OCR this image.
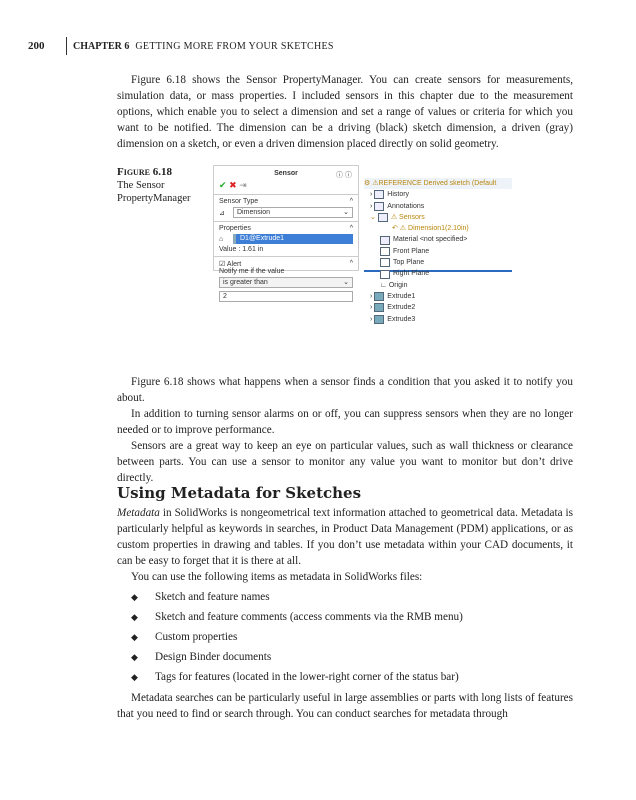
200	CHAPTER 6 GETTING MORE FROM YOUR SKETCHES

Figure 6.18 shows the Sensor PropertyManager. You can create sensors for measurements, simulation data, or mass properties. I included sensors in this chapter due to the measurement options, which enable you to select a dimension and set a range of values or criteria for which you want to be notified. The dimension can be a driving (black) sketch dimension, a driven (gray) dimension on a sketch, or even a driven dimension placed directly on solid geometry.

Figure 6.18
The Sensor PropertyManager
Sensor	ⓘ ⓘ
✔ ✖ ⇥
Sensor Type	^
⊿	Dimension	⌄
Properties	^
⌂	D1@Extrude1
Value : 1.61 in
☑ Alert	^
Notify me if the value
is greater than	⌄
2
⚙ ⚠ REFERENCE Derived sketch (Default
› History
› Annotations
⌄
⚠ Sensors
↶ ⚠ Dimension1(2.10in)
Material <not specified>
Front Plane
Top Plane
Right Plane
∟ Origin
› Extrude1
› Extrude2
› Extrude3

Figure 6.18 shows what happens when a sensor finds a condition that you asked it to notify you about.

In addition to turning sensor alarms on or off, you can suppress sensors when they are no longer needed or to improve performance.

Sensors are a great way to keep an eye on particular values, such as wall thickness or clearance between parts. You can use a sensor to monitor any value you want to monitor but don’t drive directly.

Using Metadata for Sketches

Metadata in SolidWorks is nongeometrical text information attached to geometrical data. Metadata is particularly helpful as keywords in searches, in Product Data Management (PDM) applications, or as custom properties in drawing and tables. If you don’t use metadata within your CAD documents, it can be easy to forget that it is there at all.

You can use the following items as metadata in SolidWorks files:

◆ Sketch and feature names
◆ Sketch and feature comments (access comments via the RMB menu)
◆ Custom properties
◆ Design Binder documents
◆ Tags for features (located in the lower-right corner of the status bar)

Metadata searches can be particularly useful in large assemblies or parts with long lists of features that you need to find or search through. You can conduct searches for metadata through
